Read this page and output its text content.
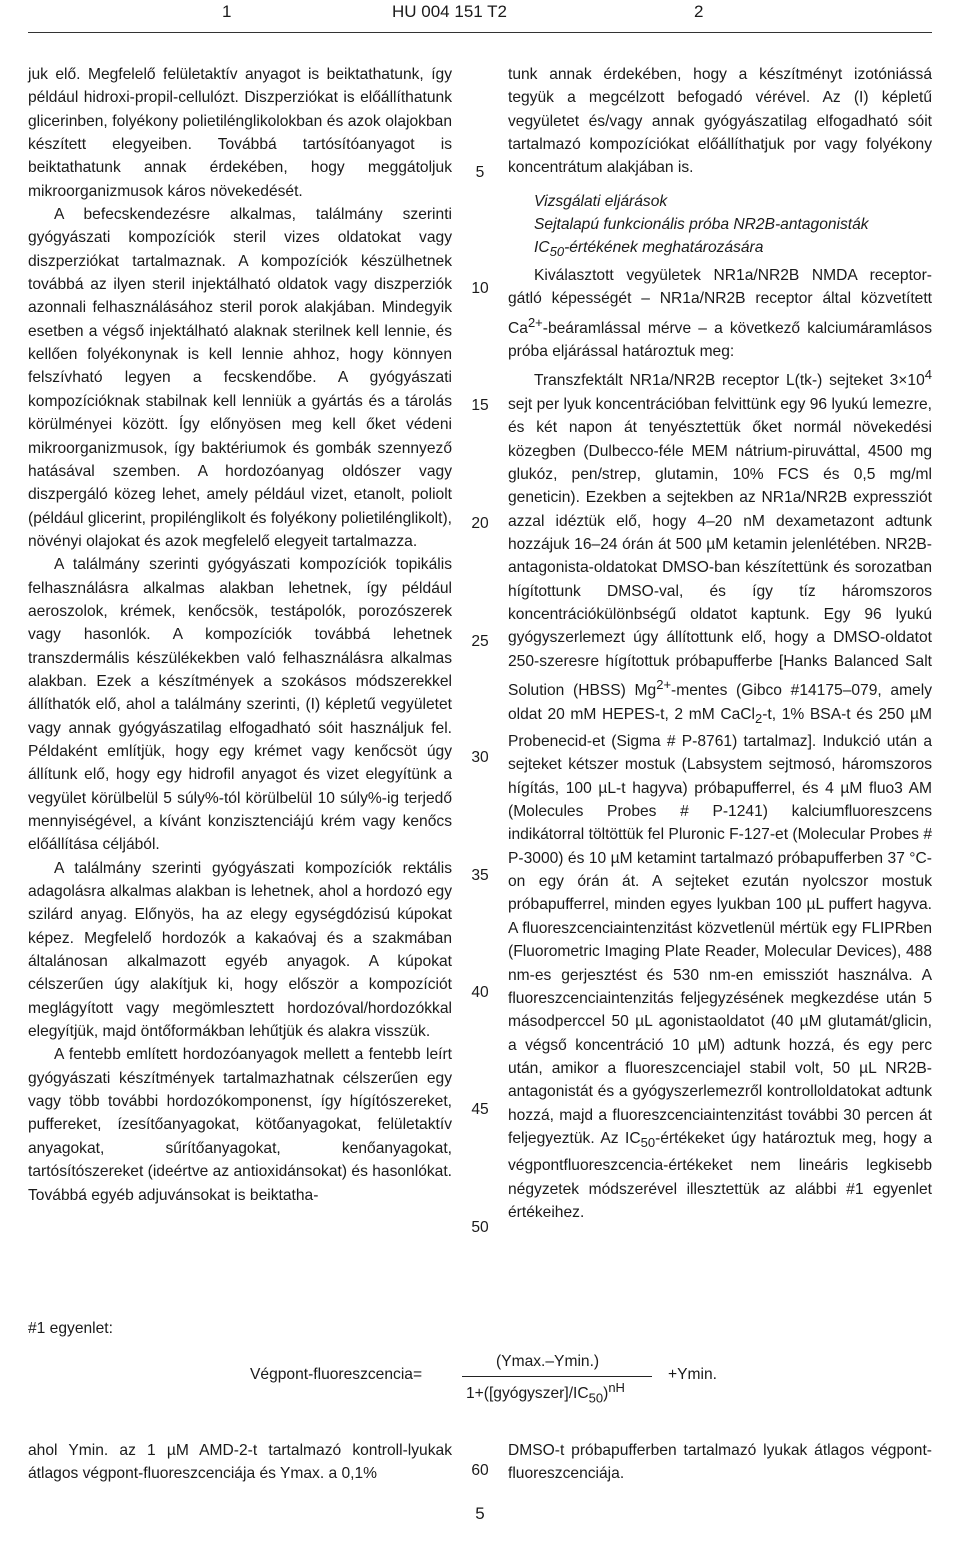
1	HU 004 151 T2	2

juk elő. Megfelelő felületaktív anyagot is beiktathatunk, így például hidroxi-propil-cellulózt. Diszperziókat is előállíthatunk glicerinben, folyékony polietilénglikolokban és azok olajokban készített elegyeiben. Továbbá tartósítóanyagot is beiktathatunk annak érdekében, hogy meggátoljuk mikroorganizmusok káros növekedését.

A befecskendezésre alkalmas, találmány szerinti gyógyászati kompozíciók steril vizes oldatokat vagy diszperziókat tartalmaznak. A kompozíciók készülhetnek továbbá az ilyen steril injektálható oldatok vagy diszperziók azonnali felhasználásához steril porok alakjában. Mindegyik esetben a végső injektálható alaknak sterilnek kell lennie, és kellően folyékonynak is kell lennie ahhoz, hogy könnyen felszívható legyen a fecskendőbe. A gyógyászati kompozícióknak stabilnak kell lenniük a gyártás és a tárolás körülményei között. Így előnyösen meg kell őket védeni mikroorganizmusok, így baktériumok és gombák szennyező hatásával szemben. A hordozóanyag oldószer vagy diszpergáló közeg lehet, amely például vizet, etanolt, poliolt (például glicerint, propilénglikolt és folyékony polietilénglikolt), növényi olajokat és azok megfelelő elegyeit tartalmazza.

A találmány szerinti gyógyászati kompozíciók topikális felhasználásra alkalmas alakban lehetnek, így például aeroszolok, krémek, kenőcsök, testápolók, porozószerek vagy hasonlók. A kompozíciók továbbá lehetnek transzdermális készülékekben való felhasználásra alkalmas alakban. Ezek a készítmények a szokásos módszerekkel állíthatók elő, ahol a találmány szerinti, (I) képletű vegyületet vagy annak gyógyászatilag elfogadható sóit használjuk fel. Példaként említjük, hogy egy krémet vagy kenőcsöt úgy állítunk elő, hogy egy hidrofil anyagot és vizet elegyítünk a vegyület körülbelül 5 súly%-tól körülbelül 10 súly%-ig terjedő mennyiségével, a kívánt konzisztenciájú krém vagy kenőcs előállítása céljából.

A találmány szerinti gyógyászati kompozíciók rektális adagolásra alkalmas alakban is lehetnek, ahol a hordozó egy szilárd anyag. Előnyös, ha az elegy egységdózisú kúpokat képez. Megfelelő hordozók a kakaóvaj és a szakmában általánosan alkalmazott egyéb anyagok. A kúpokat célszerűen úgy alakítjuk ki, hogy először a kompozíciót meglágyított vagy megömlesztett hordozóval/hordozókkal elegyítjük, majd öntőformákban lehűtjük és alakra visszük.

A fentebb említett hordozóanyagok mellett a fentebb leírt gyógyászati készítmények tartalmazhatnak célszerűen egy vagy több további hordozókomponenst, így hígítószereket, puffereket, ízesítőanyagokat, kötőanyagokat, felületaktív anyagokat, sűrítőanyagokat, kenőanyagokat, tartósítószereket (ideértve az antioxidánsokat) és hasonlókat. Továbbá egyéb adjuvánsokat is beiktatha-

tunk annak érdekében, hogy a készítményt izotóniássá tegyük a megcélzott befogadó vérével. Az (I) képletű vegyületet és/vagy annak gyógyászatilag elfogadható sóit tartalmazó kompozíciókat előállíthatjuk por vagy folyékony koncentrátum alakjában is.

Vizsgálati eljárások

Sejtalapú funkcionális próba NR2B-antagonisták

$IC_{50}$-értékének meghatározására

Kiválasztott vegyületek NR1a/NR2B NMDA receptor-gátló képességét – NR1a/NR2B receptor által közvetített $Ca^{2+}$-beáramlással mérve – a következő kalciumáramlásos próba eljárással határoztuk meg:

Transzfektált NR1a/NR2B receptor L(tk-) sejteket $3\times 10^4$ sejt per lyuk koncentrációban felvittünk egy 96 lyukú lemezre, és két napon át tenyésztettük őket normál növekedési közegben (Dulbecco-féle MEM nátrium-piruváttal, 4500 mg glukóz, pen/strep, glutamin, 10% FCS és 0,5 mg/ml geneticin). Ezekben a sejtekben az NR1a/NR2B expressziót azzal idéztük elő, hogy 4–20 nM dexametazont adtunk hozzájuk 16–24 órán át 500 µM ketamin jelenlétében. NR2B-antagonista-oldatokat DMSO-ban készítettünk és sorozatban hígítottunk DMSO-val, és így tíz háromszoros koncentrációkülönbségű oldatot kaptunk. Egy 96 lyukú gyógyszerlemezt úgy állítottunk elő, hogy a DMSO-oldatot 250-szeresre hígítottuk próbapufferbe [Hanks Balanced Salt Solution (HBSS) $Mg^{2+}$-mentes (Gibco #14175–079, amely oldat 20 mM HEPES-t, 2 mM CaCl$_2$-t, 1% BSA-t és 250 µM Probenecid-et (Sigma # P-8761) tartalmaz]. Indukció után a sejteket kétszer mostuk (Labsystem sejtmosó, háromszoros hígítás, 100 µL-t hagyva) próbapufferrel, és 4 µM fluo3 AM (Molecules Probes # P-1241) kalciumfluoreszcens indikátorral töltöttük fel Pluronic F-127-et (Molecular Probes # P-3000) és 10 µM ketamint tartalmazó próbapufferben 37 °C-on egy órán át. A sejteket ezután nyolcszor mostuk próbapufferrel, minden egyes lyukban 100 µL puffert hagyva. A fluoreszcenciaintenzitást közvetlenül mértük egy FLIPRben (Fluorometric Imaging Plate Reader, Molecular Devices), 488 nm-es gerjesztést és 530 nm-en emissziót használva. A fluoreszcenciaintenzitás feljegyzésének megkezdése után 5 másodperccel 50 µL agonistaoldatot (40 µM glutamát/glicin, a végső koncentráció 10 µM) adtunk hozzá, és egy perc után, amikor a fluoreszcenciajel stabil volt, 50 µL NR2B-antagonistát és a gyógyszerlemezről kontrolloldatokat adtunk hozzá, majd a fluoreszcenciaintenzitást további 30 percen át feljegyeztük. Az $IC_{50}$-értékeket úgy határoztuk meg, hogy a végpontfluoreszcencia-értékeket nem lineáris legkisebb négyzetek módszerével illesztettük az alábbi #1 egyenlet értékeihez.

5
10
15
20
25
30
35
40
45
50
60
#1 egyenlet:
Végpont-fluoreszcencia=
(Ymax.–Ymin.)
$1+([gyógyszer]/IC_{50})^{nH}$
+Ymin.
ahol Ymin. az 1 µM AMD-2-t tartalmazó kontroll-lyukak átlagos végpont-fluoreszcenciája és Ymax. a 0,1%
DMSO-t próbapufferben tartalmazó lyukak átlagos végpont-fluoreszcenciája.
5
